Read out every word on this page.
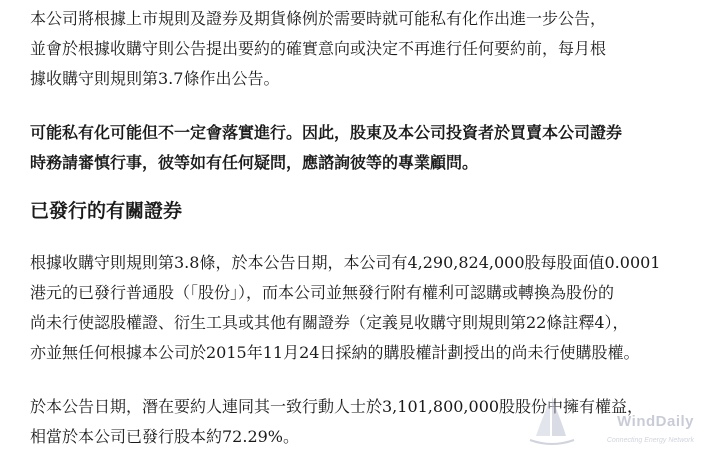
本公司將根據上市規則及證券及期貨條例於需要時就可能私有化作出進一步公告，
並會於根據收購守則公告提出要約的確實意向或決定不再進行任何要約前，每月根
據收購守則規則第3.7條作出公告。

可能私有化可能但不一定會落實進行。因此，股東及本公司投資者於買賣本公司證券
時務請審慎行事，彼等如有任何疑問，應諮詢彼等的專業顧問。

已發行的有關證券

根據收購守則規則第3.8條，於本公告日期，本公司有4,290,824,000股每股面值0.0001
港元的已發行普通股（「股份」），而本公司並無發行附有權利可認購或轉換為股份的
尚未行使認股權證、衍生工具或其他有關證券（定義見收購守則規則第22條註釋4），
亦並無任何根據本公司於2015年11月24日採納的購股權計劃授出的尚未行使購股權。

於本公告日期，潛在要約人連同其一致行動人士於3,101,800,000股股份中擁有權益，
相當於本公司已發行股本約72.29%。

WindDaily
Connecting Energy Network
